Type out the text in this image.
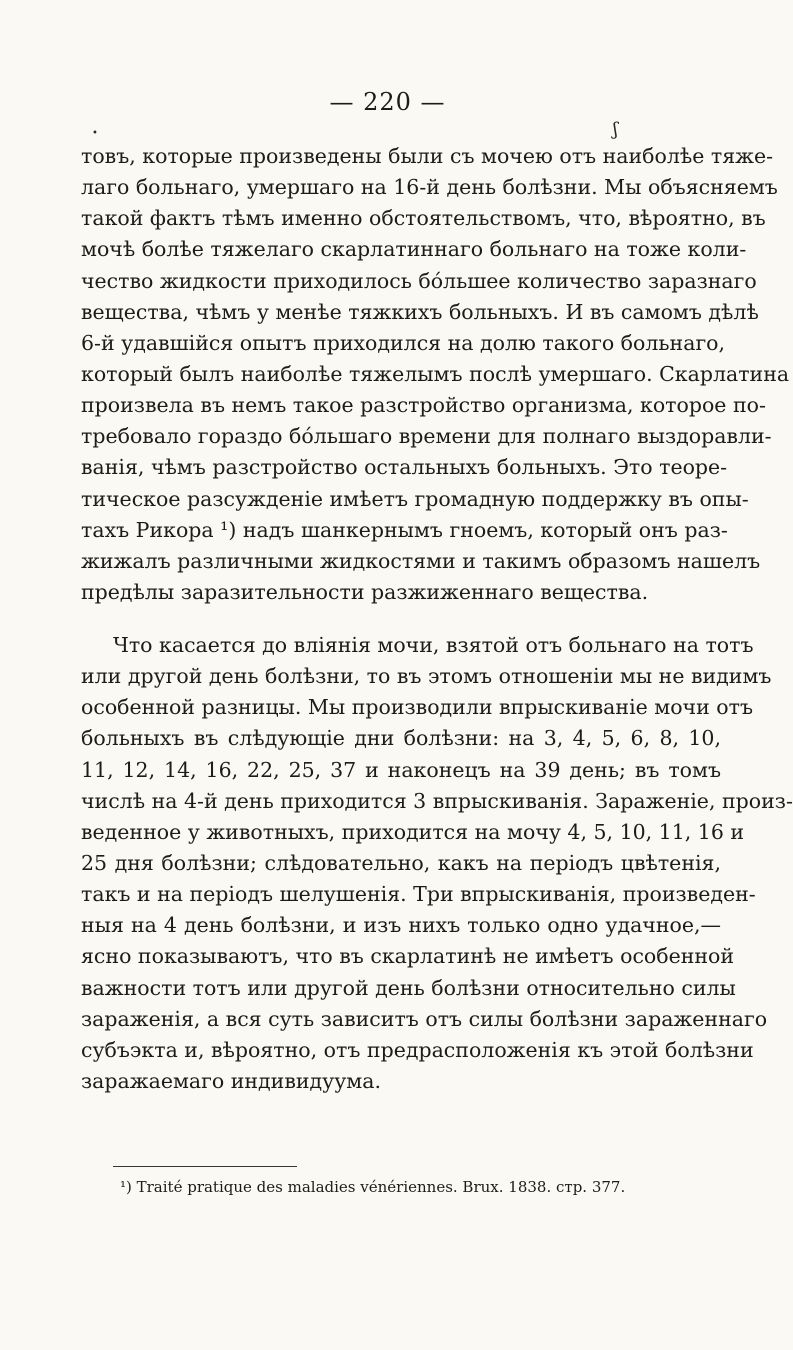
— 220 —
ʃ
•
товъ, которые произведены были съ мочею отъ наиболѣе тяже-
лаго больнаго, умершаго на 16-й день болѣзни. Мы объясняемъ
такой фактъ тѣмъ именно обстоятельствомъ, что, вѣроятно, въ
мочѣ болѣе тяжелаго скарлатиннаго больнаго на тоже коли-
чество жидкости приходилось бо́льшее количество заразнаго
вещества, чѣмъ у менѣе тяжкихъ больныхъ. И въ самомъ дѣлѣ
6-й удавшійся опытъ приходился на долю такого больнаго,
который былъ наиболѣе тяжелымъ послѣ умершаго. Скарлатина
произвела въ немъ такое разстройство организма, которое по-
требовало гораздо бо́льшаго времени для полнаго выздоравли-
ванія, чѣмъ разстройство остальныхъ больныхъ. Это теоре-
тическое разсужденіе имѣетъ громадную поддержку въ опы-
тахъ Рикора ¹) надъ шанкернымъ гноемъ, который онъ раз-
жижалъ различными жидкостями и такимъ образомъ нашелъ
предѣлы заразительности разжиженнаго вещества.
Что касается до вліянія мочи, взятой отъ больнаго на тотъ
или другой день болѣзни, то въ этомъ отношеніи мы не видимъ
особенной разницы. Мы производили впрыскиваніе мочи отъ
больныхъ въ слѣдующіе дни болѣзни: на 3, 4, 5, 6, 8, 10,
11, 12, 14, 16, 22, 25, 37 и наконецъ на 39 день; въ томъ
числѣ на 4-й день приходится 3 впрыскиванія. Зараженіе, произ-
веденное у животныхъ, приходится на мочу 4, 5, 10, 11, 16 и
25 дня болѣзни; слѣдовательно, какъ на періодъ цвѣтенія,
такъ и на періодъ шелушенія. Три впрыскиванія, произведен-
ныя на 4 день болѣзни, и изъ нихъ только одно удачное,—
ясно показываютъ, что въ скарлатинѣ не имѣетъ особенной
важности тотъ или другой день болѣзни относительно силы
зараженія, а вся суть зависитъ отъ силы болѣзни зараженнаго
субъэкта и, вѣроятно, отъ предрасположенія къ этой болѣзни
заражаемаго индивидуума.
¹) Traité pratique des maladies vénériennes. Brux. 1838. стр. 377.
